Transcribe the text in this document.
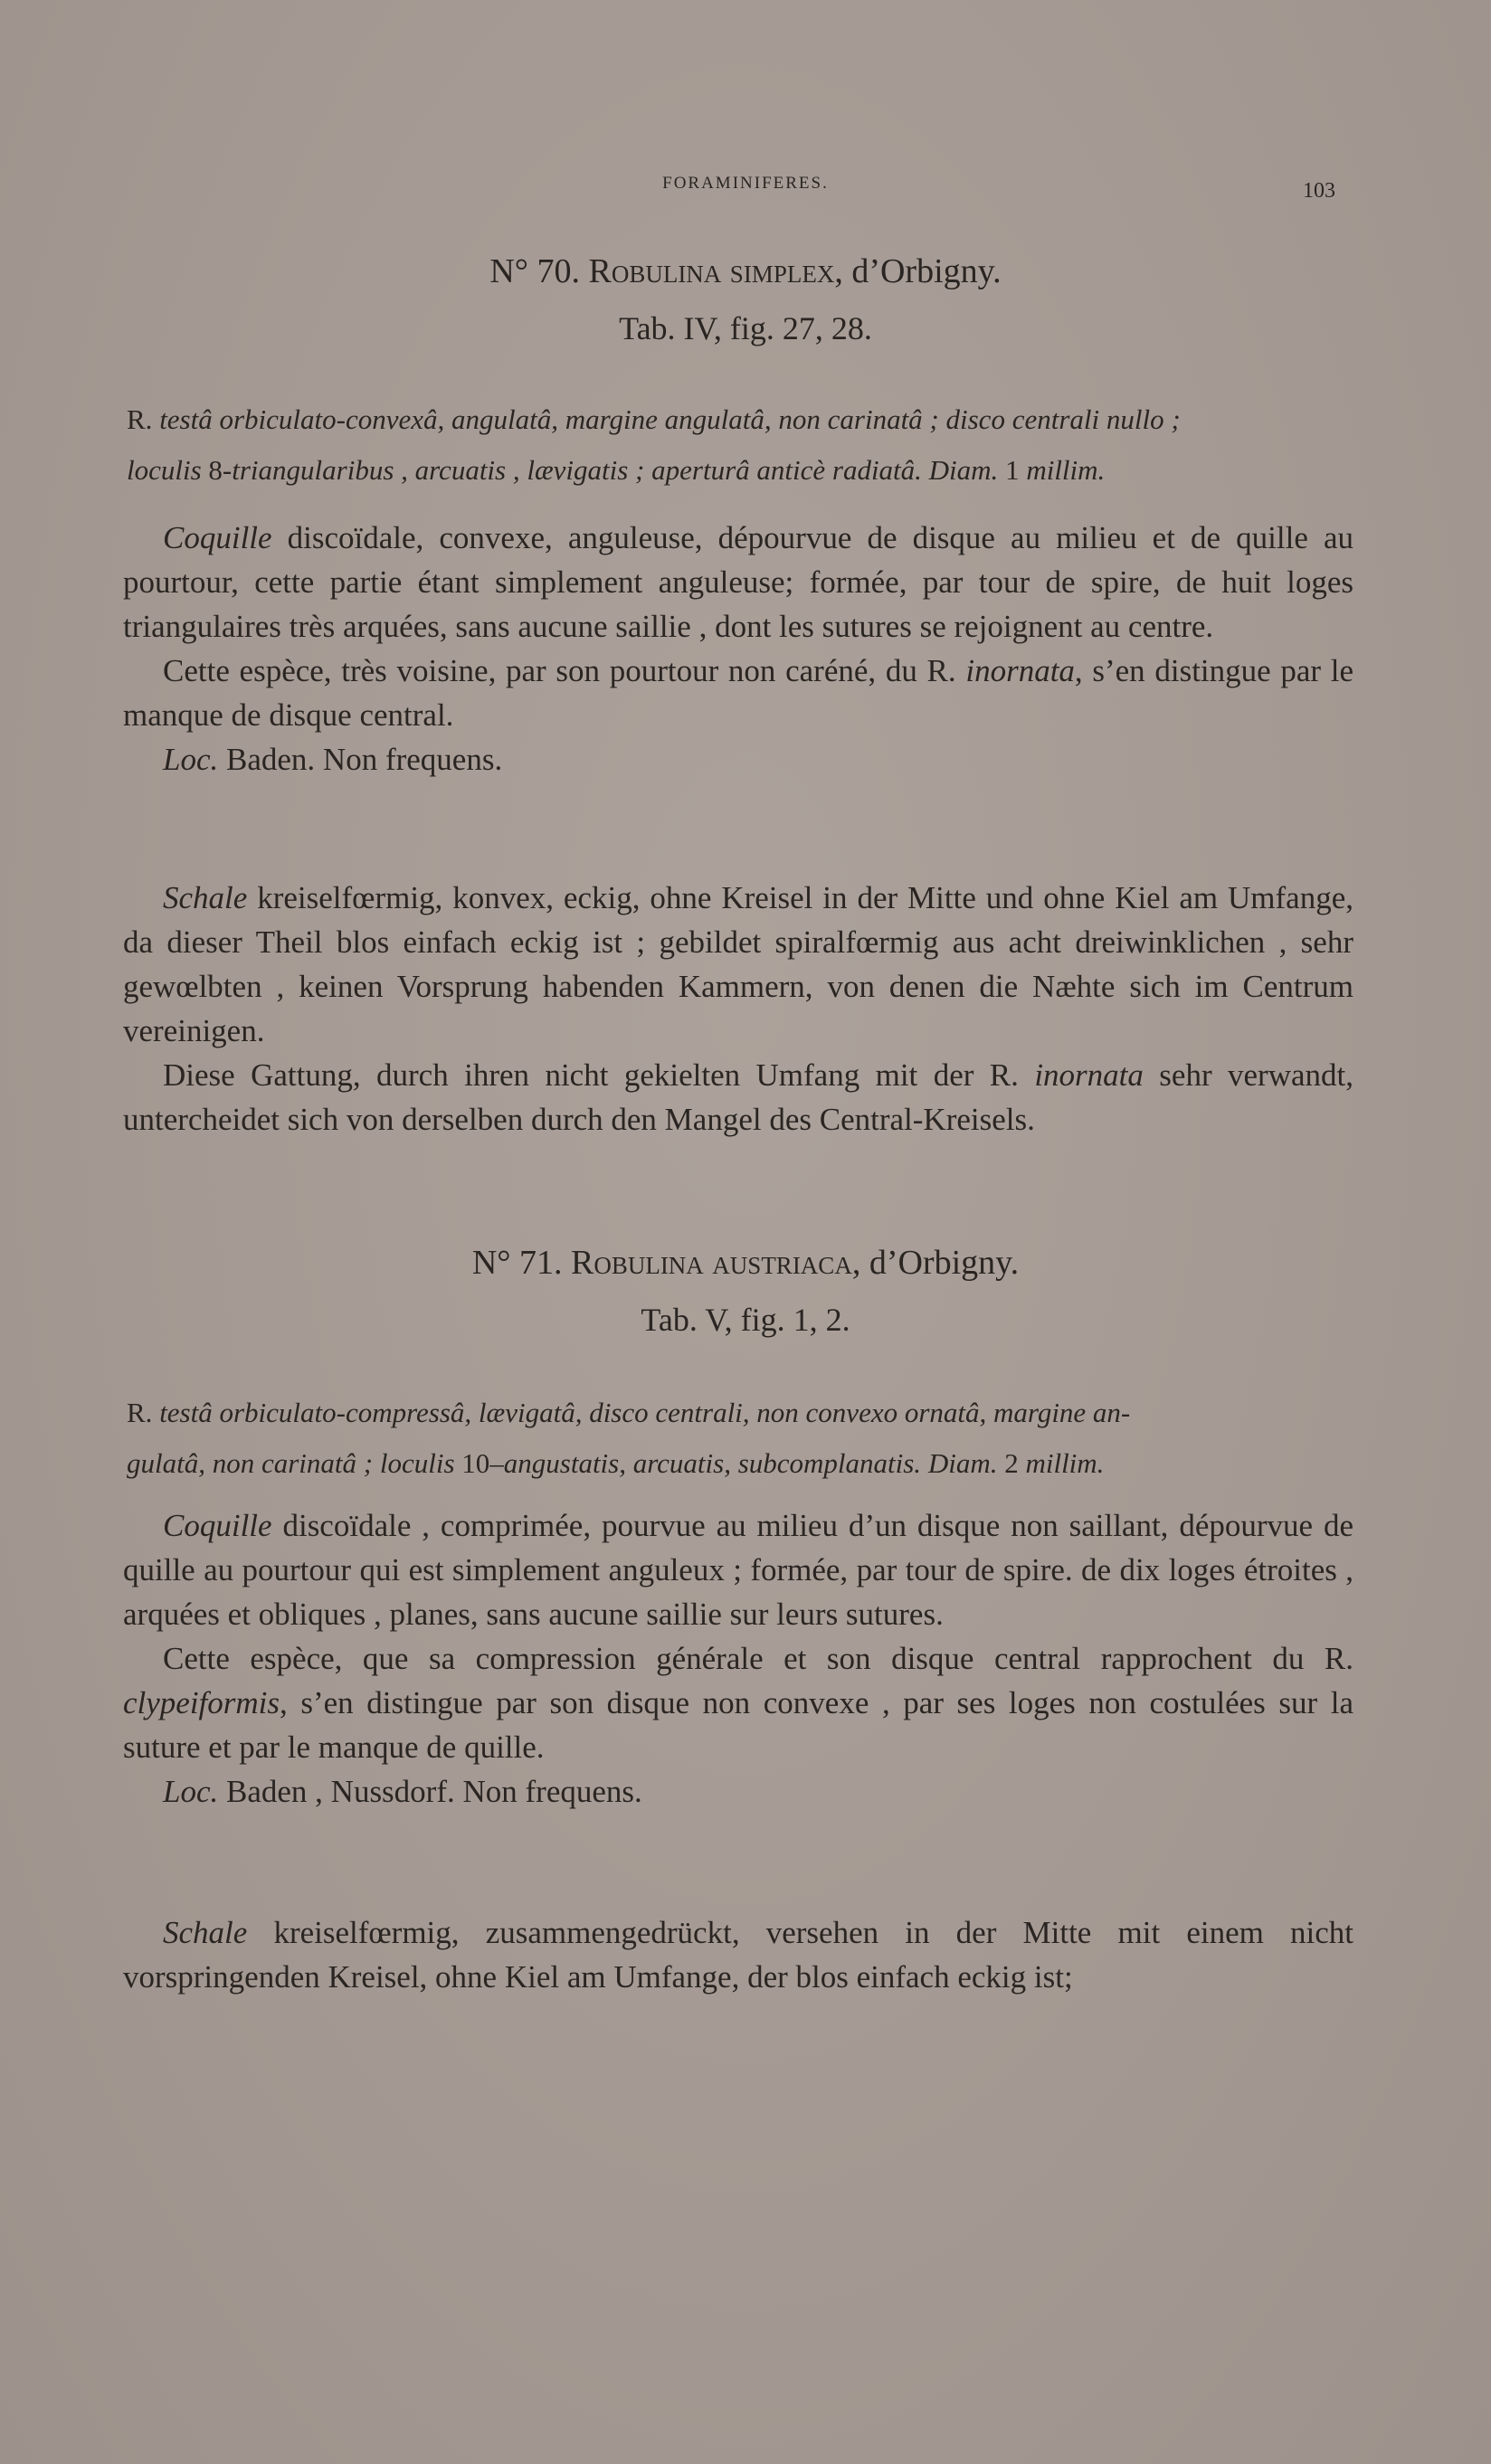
FORAMINIFERES.	103
N° 70. Robulina simplex, d’Orbigny.
Tab. IV, fig. 27, 28.
R. testâ orbiculato-convexâ, angulatâ, margine angulatâ, non carinatâ ; disco centrali nullo ;
loculis 8-triangularibus , arcuatis , lævigatis ; aperturâ anticè radiatâ. Diam. 1 millim.

Coquille discoïdale, convexe, anguleuse, dépourvue de disque au milieu et de quille au pourtour, cette partie étant simplement anguleuse; formée, par tour de spire, de huit loges triangulaires très arquées, sans aucune saillie , dont les sutures se rejoignent au centre.

Cette espèce, très voisine, par son pourtour non caréné, du R. inornata, s’en distingue par le manque de disque central.

Loc. Baden. Non frequens.

Schale kreiselfœrmig, konvex, eckig, ohne Kreisel in der Mitte und ohne Kiel am Umfange, da dieser Theil blos einfach eckig ist ; gebildet spiralfœrmig aus acht dreiwinklichen , sehr gewœlbten , keinen Vorsprung habenden Kammern, von denen die Næhte sich im Centrum vereinigen.

Diese Gattung, durch ihren nicht gekielten Umfang mit der R. inornata sehr verwandt, untercheidet sich von derselben durch den Mangel des Central-Kreisels.

N° 71. Robulina austriaca, d’Orbigny.
Tab. V, fig. 1, 2.
R. testâ orbiculato-compressâ, lævigatâ, disco centrali, non convexo ornatâ, margine an-
gulatâ, non carinatâ ; loculis 10–angustatis, arcuatis, subcomplanatis. Diam. 2 millim.

Coquille discoïdale , comprimée, pourvue au milieu d’un disque non saillant, dépourvue de quille au pourtour qui est simplement anguleux ; formée, par tour de spire. de dix loges étroites , arquées et obliques , planes, sans aucune saillie sur leurs sutures.

Cette espèce, que sa compression générale et son disque central rapprochent du R. clypeiformis, s’en distingue par son disque non convexe , par ses loges non costulées sur la suture et par le manque de quille.

Loc. Baden , Nussdorf. Non frequens.

Schale kreiselfœrmig, zusammengedrückt, versehen in der Mitte mit einem nicht vorspringenden Kreisel, ohne Kiel am Umfange, der blos einfach eckig ist;
